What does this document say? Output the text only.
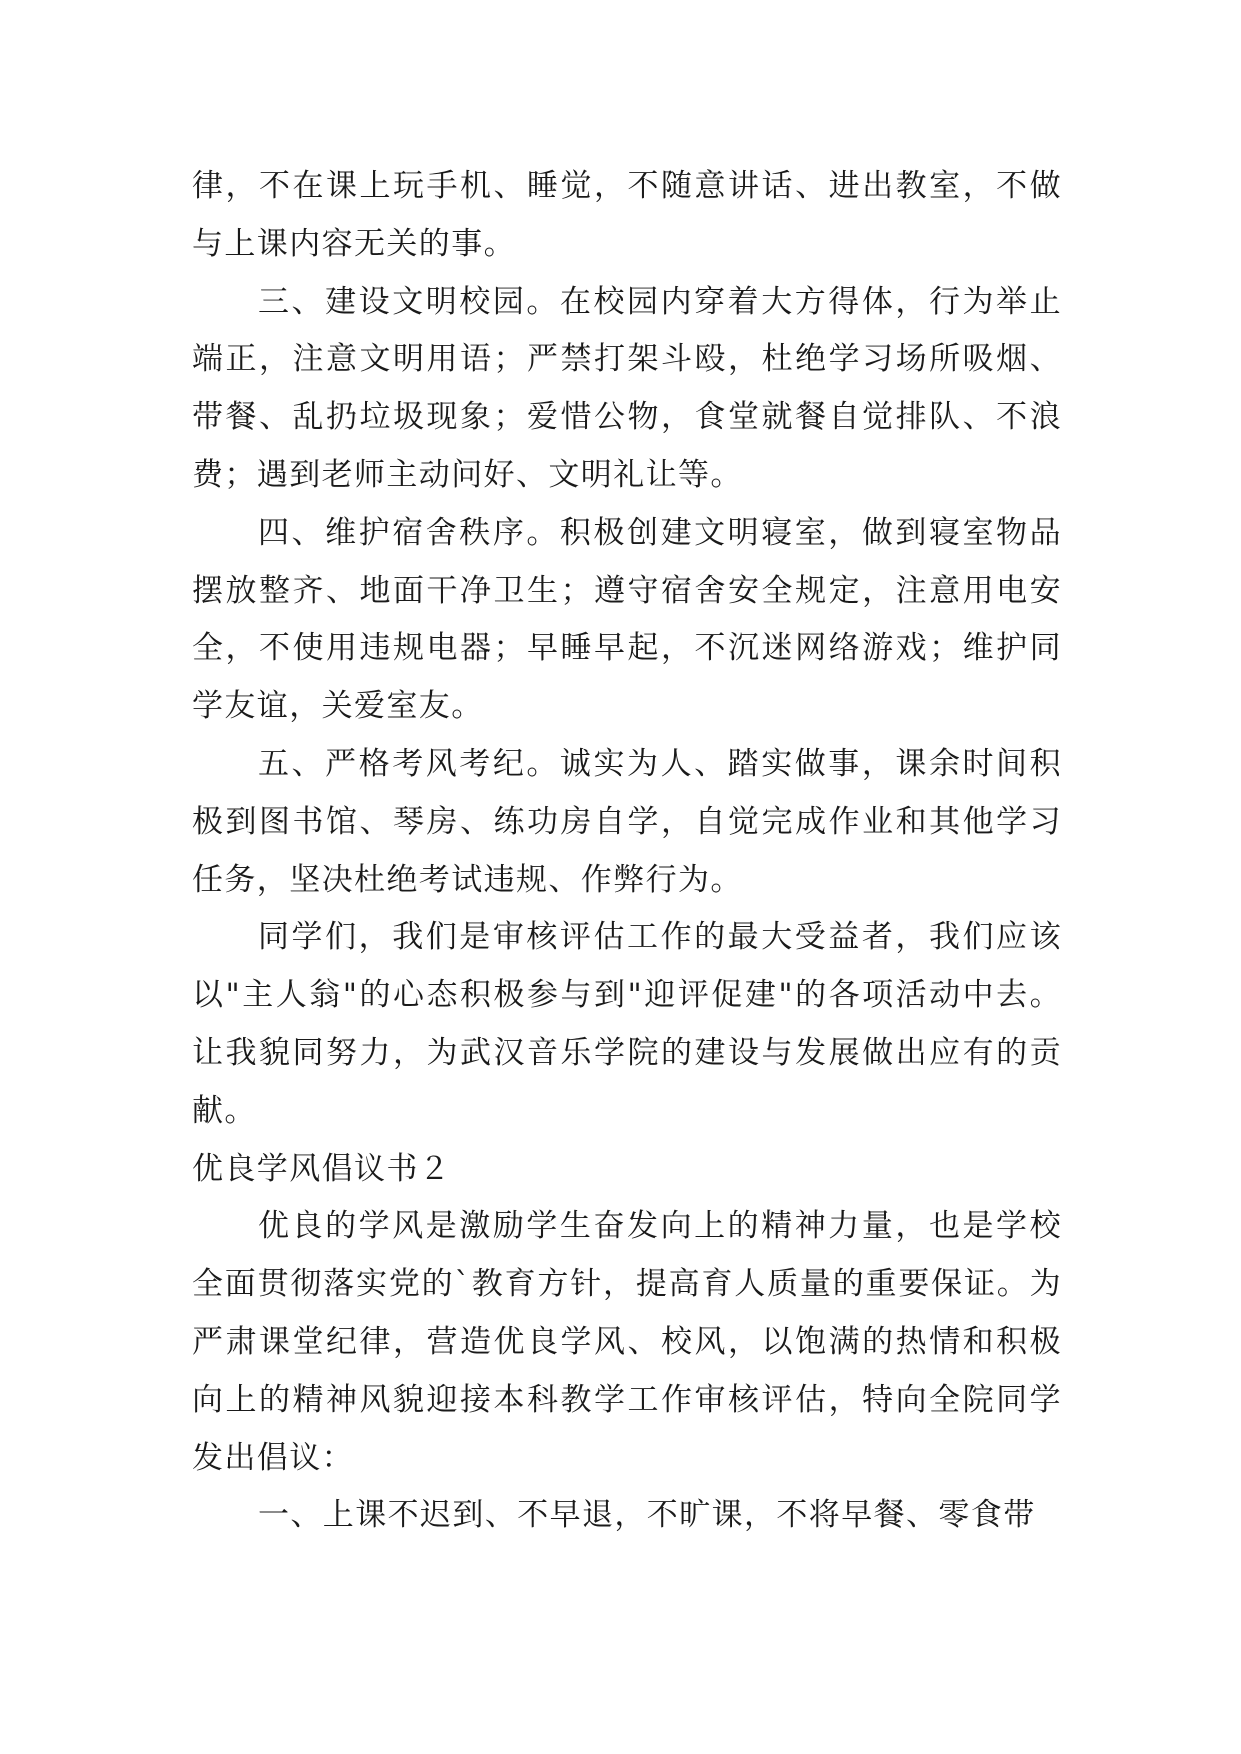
律，不在课上玩手机、睡觉，不随意讲话、进出教室，不做与上课内容无关的事。

三、建设文明校园。在校园内穿着大方得体，行为举止端正，注意文明用语；严禁打架斗殴，杜绝学习场所吸烟、带餐、乱扔垃圾现象；爱惜公物，食堂就餐自觉排队、不浪费；遇到老师主动问好、文明礼让等。

四、维护宿舍秩序。积极创建文明寝室，做到寝室物品摆放整齐、地面干净卫生；遵守宿舍安全规定，注意用电安全，不使用违规电器；早睡早起，不沉迷网络游戏；维护同学友谊，关爱室友。

五、严格考风考纪。诚实为人、踏实做事，课余时间积极到图书馆、琴房、练功房自学，自觉完成作业和其他学习任务，坚决杜绝考试违规、作弊行为。

同学们，我们是审核评估工作的最大受益者，我们应该以"主人翁"的心态积极参与到"迎评促建"的各项活动中去。让我貌同努力，为武汉音乐学院的建设与发展做出应有的贡献。

优良学风倡议书２

优良的学风是激励学生奋发向上的精神力量，也是学校全面贯彻落实党的`教育方针，提高育人质量的重要保证。为严肃课堂纪律，营造优良学风、校风，以饱满的热情和积极向上的精神风貌迎接本科教学工作审核评估，特向全院同学发出倡议：

一、上课不迟到、不早退，不旷课，不将早餐、零食带
